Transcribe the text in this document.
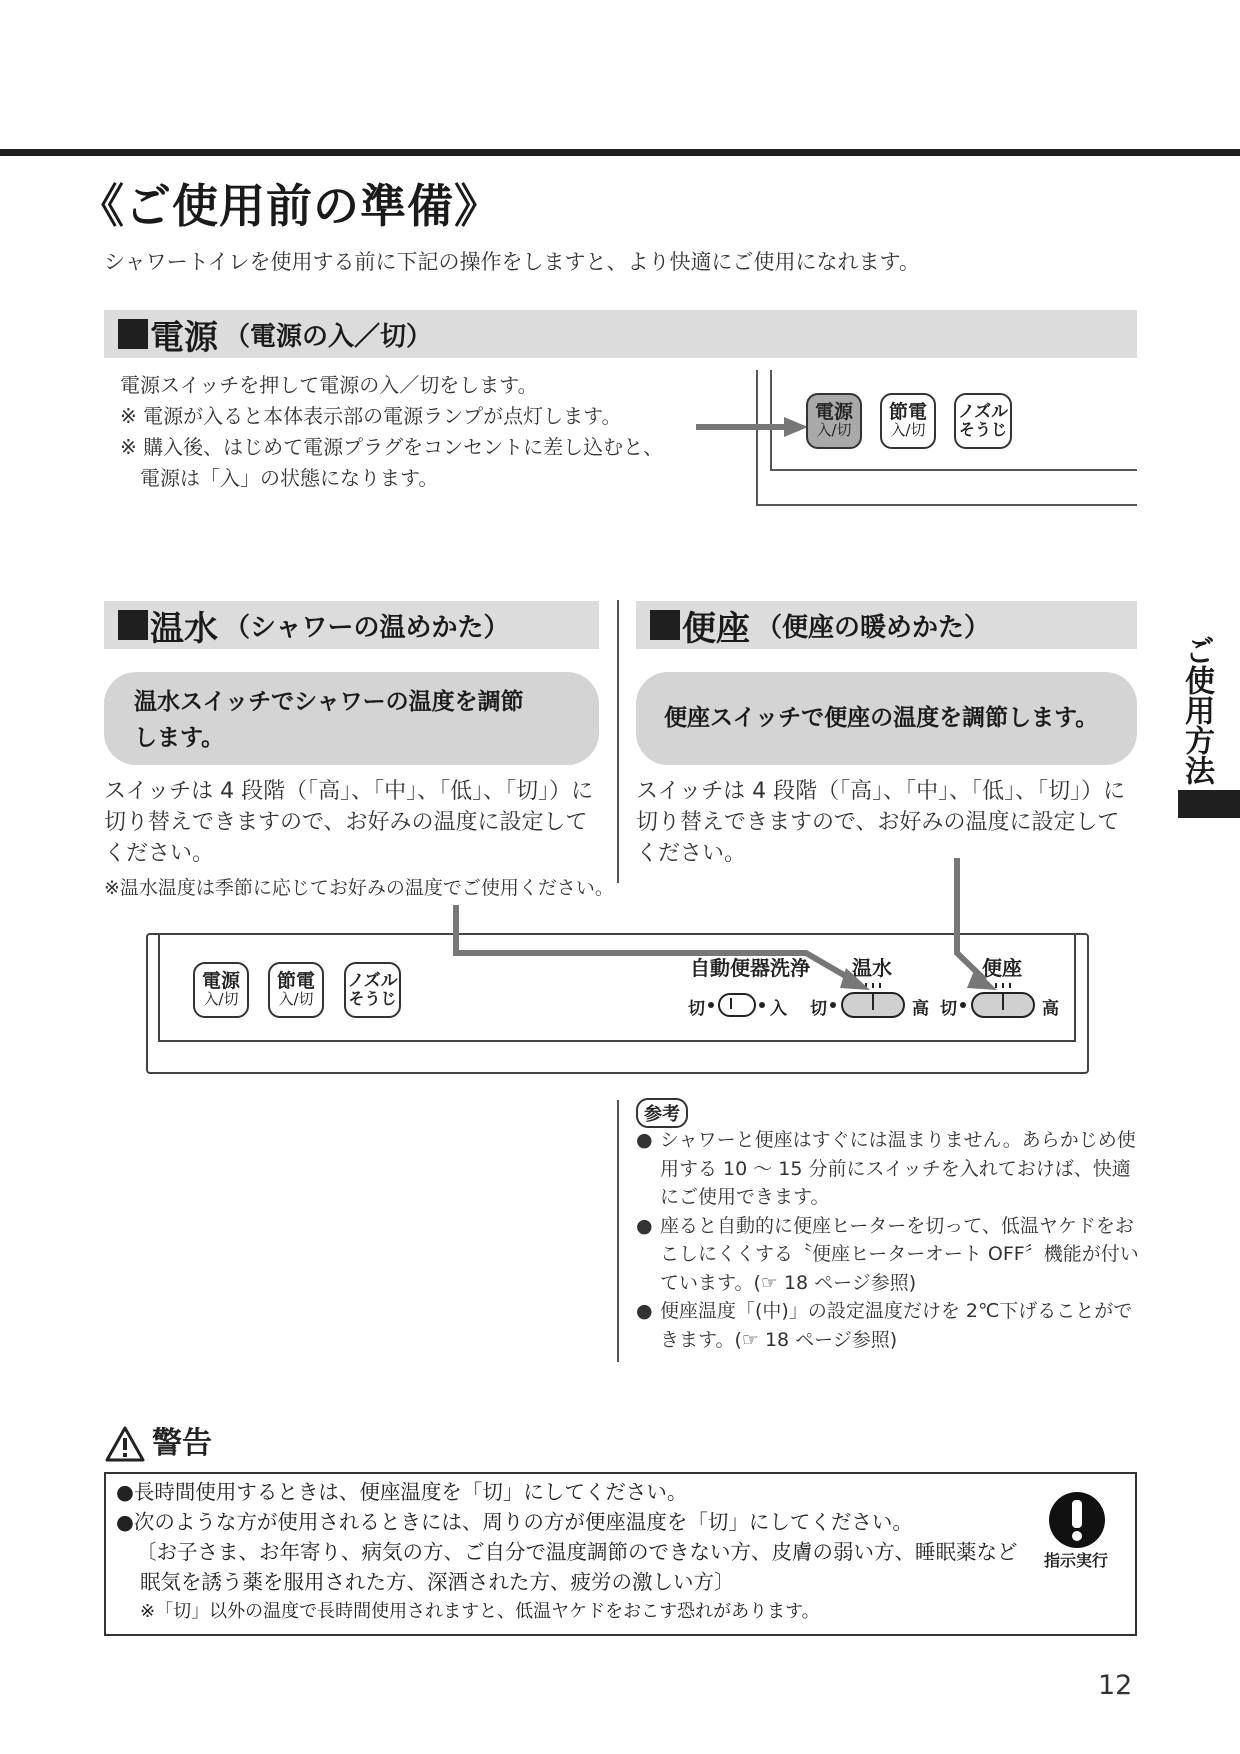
《ご使用前の準備》
シャワートイレを使用する前に下記の操作をしますと、より快適にご使用になれます。
電源 （電源の入／切）

電源スイッチを押して電源の入／切をします。

※ 電源が入ると本体表示部の電源ランプが点灯します。

※ 購入後、はじめて電源プラグをコンセントに差し込むと、

　電源は「入」の状態になります。

電源
入/切
節電
入/切
ノズル
そうじ
温水 （シャワーの温めかた）
温水スイッチでシャワーの温度を調節
します。

スイッチは 4 段階（「高」、「中」、「低」、「切」）に

切り替えできますので、お好みの温度に設定して

ください。

※温水温度は季節に応じてお好みの温度でご使用ください。
便座 （便座の暖めかた）
便座スイッチで便座の温度を調節します。

スイッチは 4 段階（「高」、「中」、「低」、「切」）に

切り替えできますので、お好みの温度に設定して

ください。

電源
入/切
節電
入/切
ノズル
そうじ
自動便器洗浄 温水	便座
切	入 切	高 切	高
参考
● シャワーと便座はすぐには温まりません。あらかじめ使
用する 10 ～ 15 分前にスイッチを入れておけば、快適
にご使用できます。
● 座ると自動的に便座ヒーターを切って、低温ヤケドをお
こしにくくする〝便座ヒーターオート OFF〞機能が付い
ています。(☞ 18 ページ参照)
● 便座温度「(中)」の設定温度だけを 2℃下げることがで
きます。(☞ 18 ページ参照)
警告

●長時間使用するときは、便座温度を「切」にしてください。

●次のような方が使用されるときには、周りの方が便座温度を「切」にしてください。

〔お子さま、お年寄り、病気の方、ご自分で温度調節のできない方、皮膚の弱い方、睡眠薬など

眠気を誘う薬を服用された方、深酒された方、疲労の激しい方〕

※「切」以外の温度で長時間使用されますと、低温ヤケドをおこす恐れがあります。

指示実行
ご使用方法
12
